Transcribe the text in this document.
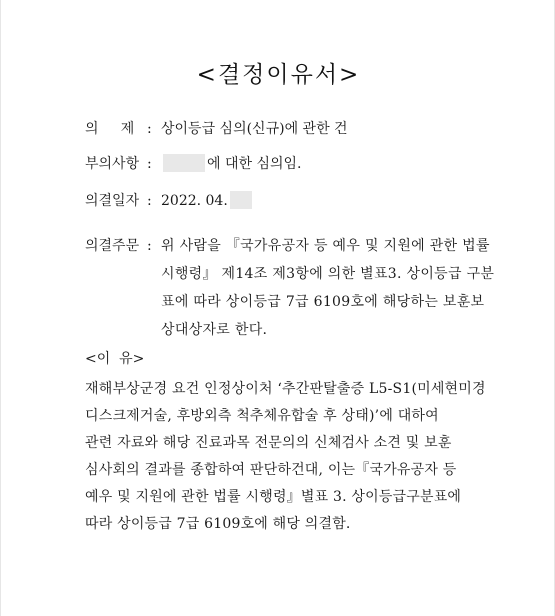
<결정이유서>
의     제 : 상이등급 심의(신규)에 관한 건
부의사항 :	에 대한 심의임.
의결일자 : 2022. 04.
의결주문 : 위 사람을 『국가유공자 등 예우 및 지원에 관한 법률 시행령』 제14조 제3항에 의한 별표3. 상이등급 구분표에 따라 상이등급 7급 6109호에 해당하는 보훈보상대상자로 한다.
<이  유>

재해부상군경 요건 인정상이처 ‘추간판탈출증 L5-S1(미세현미경

디스크제거술, 후방외측 척추체유합술 후 상태)’에 대하여

관련 자료와 해당 진료과목 전문의의 신체검사 소견 및 보훈

심사회의 결과를 종합하여 판단하건대, 이는『국가유공자 등

예우 및 지원에 관한 법률 시행령』별표 3. 상이등급구분표에

따라 상이등급 7급 6109호에 해당 의결함.
